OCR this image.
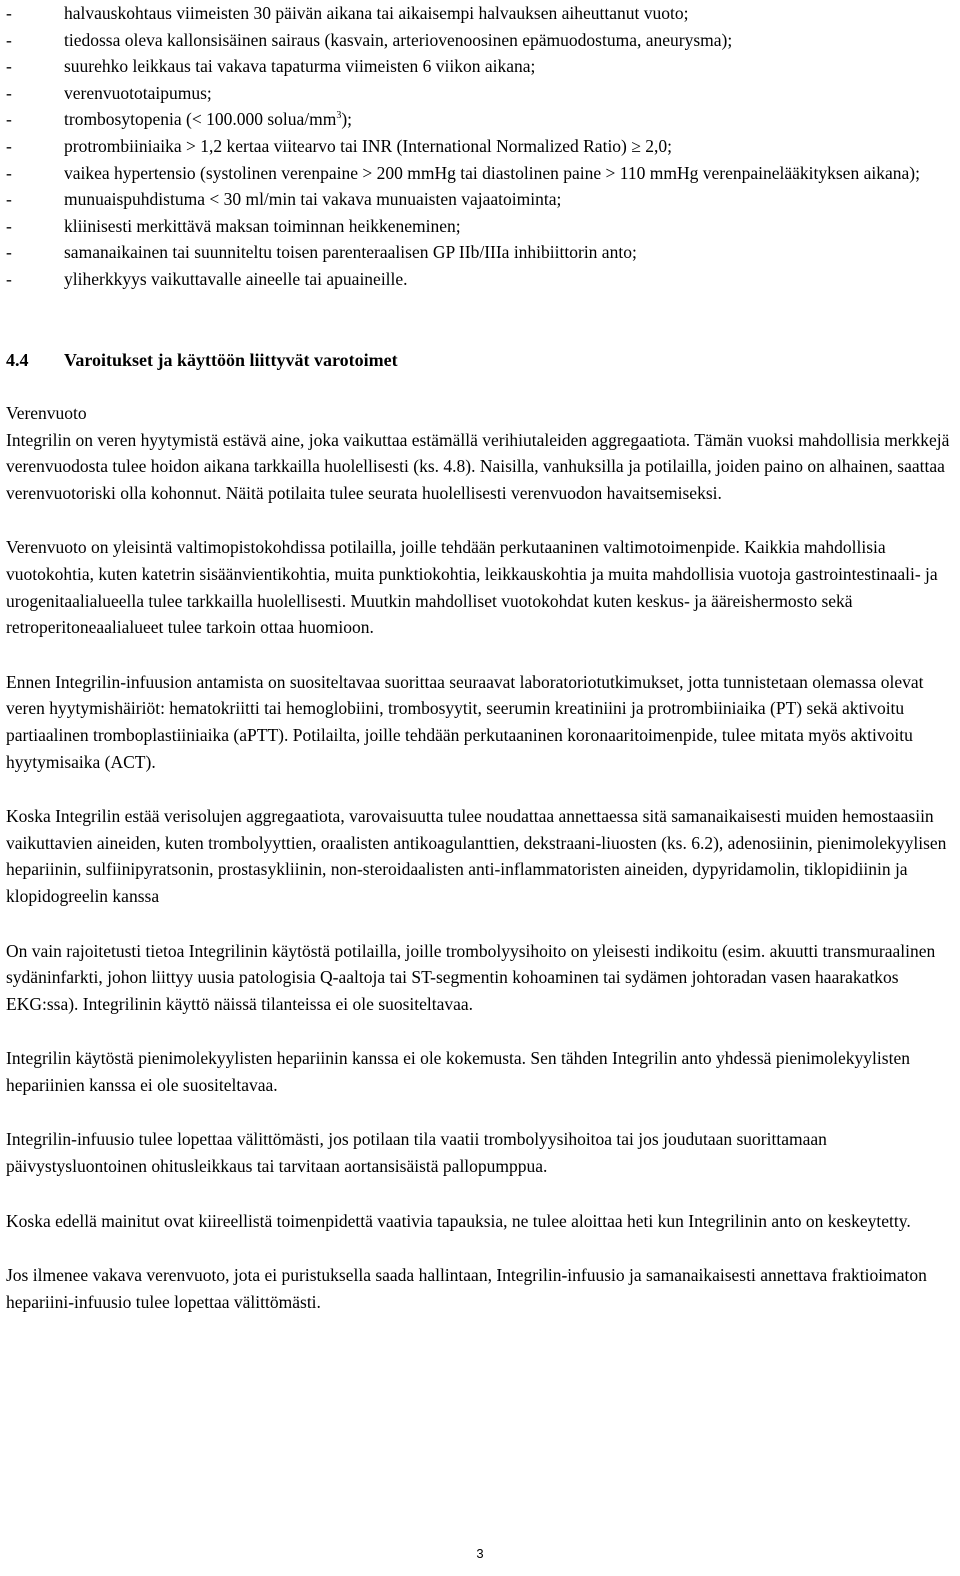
-	halvauskohtaus viimeisten 30 päivän aikana tai aikaisempi halvauksen aiheuttanut vuoto;
-	tiedossa oleva kallonsisäinen sairaus (kasvain, arteriovenoosinen epämuodostuma, aneurysma);
-	suurehko leikkaus tai vakava tapaturma viimeisten 6 viikon aikana;
-	verenvuototaipumus;
-	trombosytopenia (< 100.000 solua/$mm^3$);
-	protrombiiniaika > 1,2 kertaa viitearvo tai INR (International Normalized Ratio) ≥ 2,0;
-	vaikea hypertensio (systolinen verenpaine > 200 mmHg tai diastolinen paine > 110 mmHg verenpainelääkityksen aikana);
-	munuaispuhdistuma < 30 ml/min tai vakava munuaisten vajaatoiminta;
-	kliinisesti merkittävä maksan toiminnan heikkeneminen;
-	samanaikainen tai suunniteltu toisen parenteraalisen GP IIb/IIIa inhibiittorin anto;
-	yliherkkyys vaikuttavalle aineelle tai apuaineille.
4.4 Varoitukset ja käyttöön liittyvät varotoimet

Verenvuoto

Integrilin on veren hyytymistä estävä aine, joka vaikuttaa estämällä verihiutaleiden aggregaatiota. Tämän vuoksi mahdollisia merkkejä verenvuodosta tulee hoidon aikana tarkkailla huolellisesti (ks. 4.8). Naisilla, vanhuksilla ja potilailla, joiden paino on alhainen, saattaa verenvuotoriski olla kohonnut. Näitä potilaita tulee seurata huolellisesti verenvuodon havaitsemiseksi.

Verenvuoto on yleisintä valtimopistokohdissa potilailla, joille tehdään perkutaaninen valtimotoimenpide. Kaikkia mahdollisia vuotokohtia, kuten katetrin sisäänvientikohtia, muita punktiokohtia, leikkauskohtia ja muita mahdollisia vuotoja gastrointestinaali- ja urogenitaalialueella tulee tarkkailla huolellisesti. Muutkin mahdolliset vuotokohdat kuten keskus- ja ääreishermosto sekä retroperitoneaalialueet tulee tarkoin ottaa huomioon.

Ennen Integrilin-infuusion antamista on suositeltavaa suorittaa seuraavat laboratoriotutkimukset, jotta tunnistetaan olemassa olevat veren hyytymishäiriöt: hematokriitti tai hemoglobiini, trombosyytit, seerumin kreatiniini ja protrombiiniaika (PT) sekä aktivoitu partiaalinen tromboplastiiniaika (aPTT). Potilailta, joille tehdään perkutaaninen koronaaritoimenpide, tulee mitata myös aktivoitu hyytymisaika (ACT).

Koska Integrilin estää verisolujen aggregaatiota, varovaisuutta tulee noudattaa annettaessa sitä samanaikaisesti muiden hemostaasiin vaikuttavien aineiden, kuten trombolyyttien, oraalisten antikoagulanttien, dekstraani-liuosten (ks. 6.2), adenosiinin, pienimolekyylisen hepariinin, sulfiinipyratsonin, prostasykliinin, non-steroidaalisten anti-inflammatoristen aineiden, dypyridamolin, tiklopidiinin ja klopidogreelin kanssa

On vain rajoitetusti tietoa Integrilinin käytöstä potilailla, joille trombolyysihoito on yleisesti indikoitu (esim. akuutti transmuraalinen sydäninfarkti, johon liittyy uusia patologisia Q-aaltoja tai ST-segmentin kohoaminen tai sydämen johtoradan vasen haarakatkos EKG:ssa). Integrilinin käyttö näissä tilanteissa ei ole suositeltavaa.

Integrilin käytöstä pienimolekyylisten hepariinin kanssa ei ole kokemusta. Sen tähden Integrilin anto yhdessä pienimolekyylisten hepariinien kanssa ei ole suositeltavaa.

Integrilin-infuusio tulee lopettaa välittömästi, jos potilaan tila vaatii trombolyysihoitoa tai jos joudutaan suorittamaan päivystysluontoinen ohitusleikkaus tai tarvitaan aortansisäistä pallopumppua.

Koska edellä mainitut ovat kiireellistä toimenpidettä vaativia tapauksia, ne tulee aloittaa heti kun Integrilinin anto on keskeytetty.

Jos ilmenee vakava verenvuoto, jota ei puristuksella saada hallintaan, Integrilin-infuusio ja samanaikaisesti annettava fraktioimaton hepariini-infuusio tulee lopettaa välittömästi.

3
